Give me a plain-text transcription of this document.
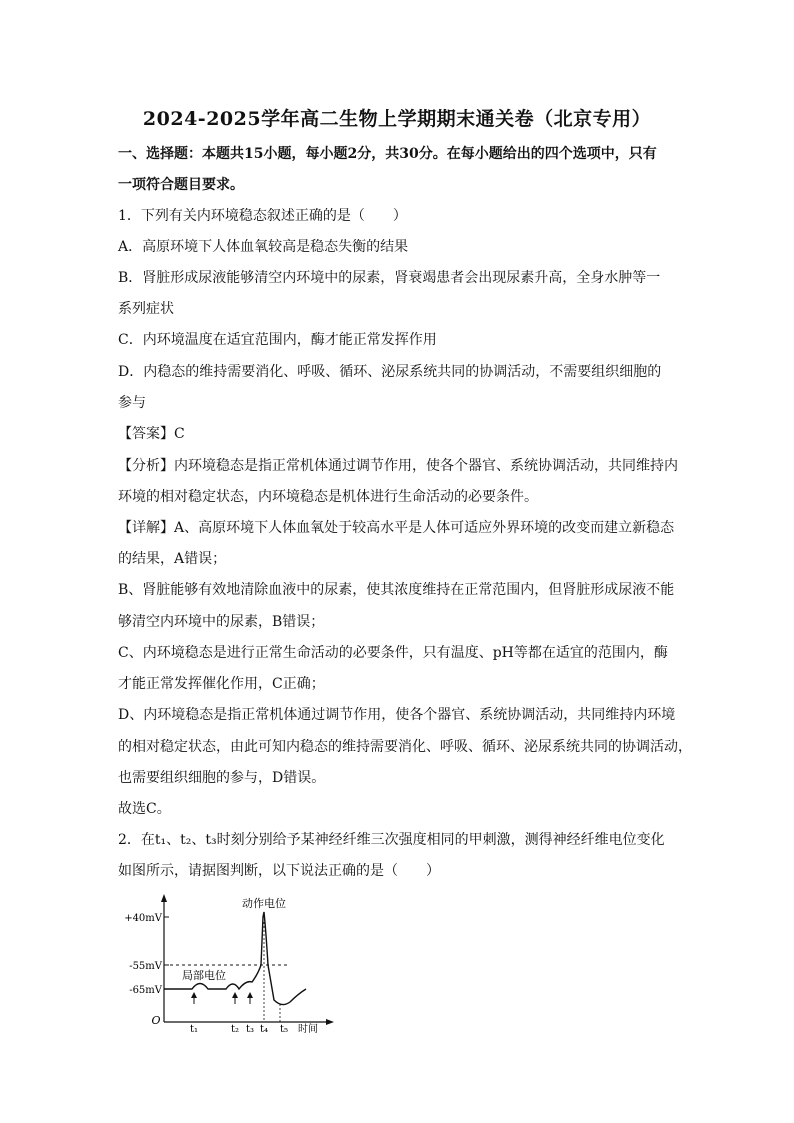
2024-2025学年高二生物上学期期末通关卷（北京专用）
一、选择题：本题共15小题，每小题2分，共30分。在每小题给出的四个选项中，只有
一项符合题目要求。
1．下列有关内环境稳态叙述正确的是（　　）
A．高原环境下人体血氧较高是稳态失衡的结果
B．肾脏形成尿液能够清空内环境中的尿素，肾衰竭患者会出现尿素升高，全身水肿等一
系列症状
C．内环境温度在适宜范围内，酶才能正常发挥作用
D．内稳态的维持需要消化、呼吸、循环、泌尿系统共同的协调活动，不需要组织细胞的
参与
【答案】C
【分析】内环境稳态是指正常机体通过调节作用，使各个器官、系统协调活动，共同维持内
环境的相对稳定状态，内环境稳态是机体进行生命活动的必要条件。
【详解】A、高原环境下人体血氧处于较高水平是人体可适应外界环境的改变而建立新稳态
的结果，A错误；
B、肾脏能够有效地清除血液中的尿素，使其浓度维持在正常范围内，但肾脏形成尿液不能
够清空内环境中的尿素，B错误；
C、内环境稳态是进行正常生命活动的必要条件，只有温度、pH等都在适宜的范围内，酶
才能正常发挥催化作用，C正确；
D、内环境稳态是指正常机体通过调节作用，使各个器官、系统协调活动，共同维持内环境
的相对稳定状态，由此可知内稳态的维持需要消化、呼吸、循环、泌尿系统共同的协调活动，
也需要组织细胞的参与，D错误。
故选C。
2．在t₁、t₂、t₃时刻分别给予某神经纤维三次强度相同的甲刺激，测得神经纤维电位变化
如图所示，请据图判断，以下说法正确的是（　　）
+40mV
-55mV
-65mV
O
t₁	t₂ t₃ t₄ t₅ 时间
动作电位
局部电位
